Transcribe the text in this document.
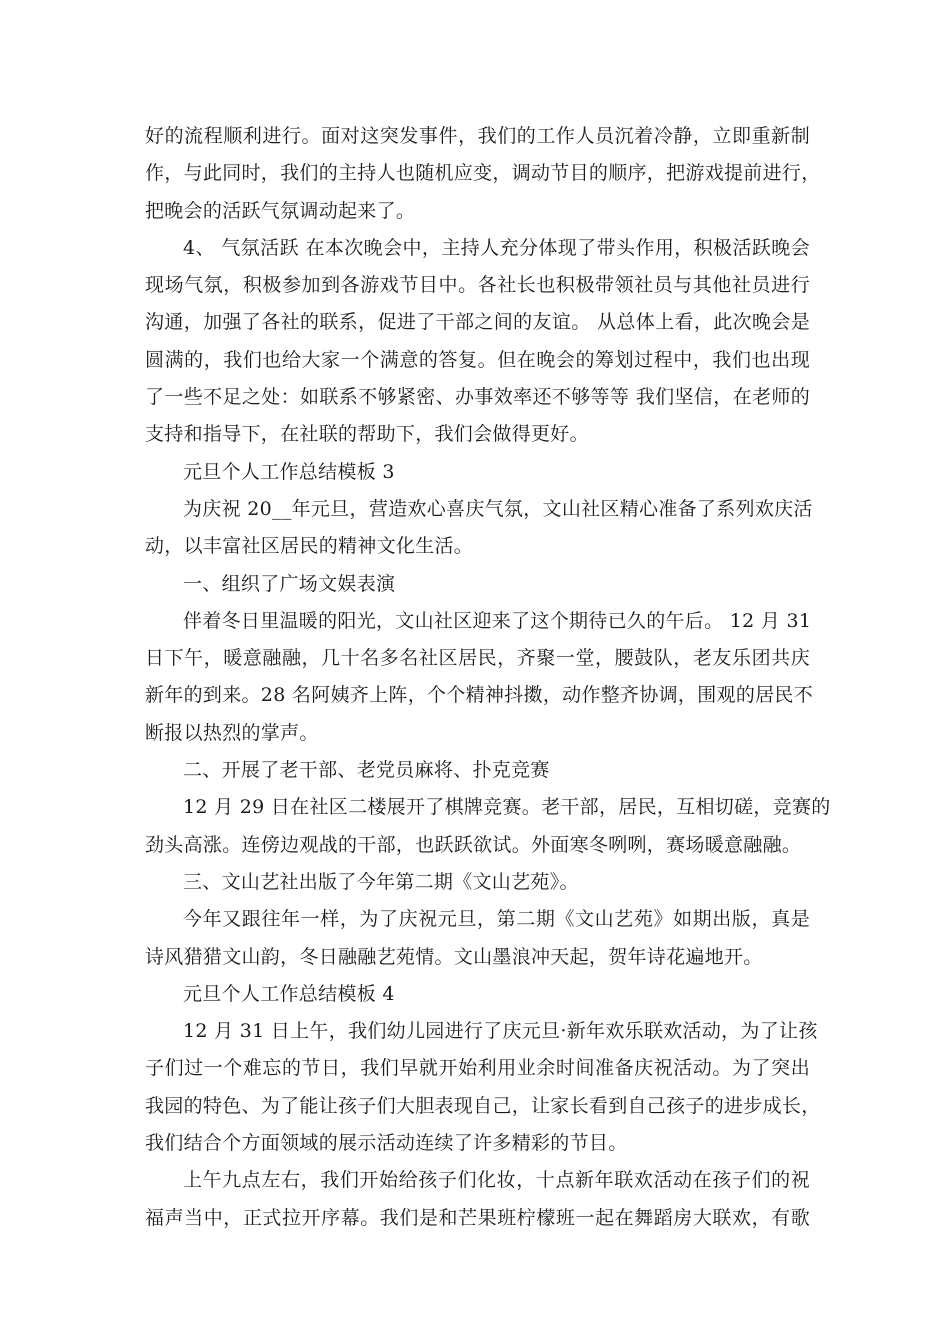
好的流程顺利进行。面对这突发事件，我们的工作人员沉着冷静，立即重新制
作，与此同时，我们的主持人也随机应变，调动节目的顺序，把游戏提前进行，
把晚会的活跃气氛调动起来了。
4、 气氛活跃 在本次晚会中，主持人充分体现了带头作用，积极活跃晚会
现场气氛，积极参加到各游戏节目中。各社长也积极带领社员与其他社员进行
沟通，加强了各社的联系，促进了干部之间的友谊。 从总体上看，此次晚会是
圆满的，我们也给大家一个满意的答复。但在晚会的筹划过程中，我们也出现
了一些不足之处：如联系不够紧密、办事效率还不够等等 我们坚信，在老师的
支持和指导下，在社联的帮助下，我们会做得更好。
元旦个人工作总结模板 3
为庆祝 20__年元旦，营造欢心喜庆气氛，文山社区精心准备了系列欢庆活
动，以丰富社区居民的精神文化生活。
一、组织了广场文娱表演
伴着冬日里温暖的阳光，文山社区迎来了这个期待已久的午后。 12 月 31
日下午，暖意融融，几十名多名社区居民，齐聚一堂，腰鼓队，老友乐团共庆
新年的到来。28 名阿姨齐上阵，个个精神抖擞，动作整齐协调，围观的居民不
断报以热烈的掌声。
二、开展了老干部、老党员麻将、扑克竞赛
12 月 29 日在社区二楼展开了棋牌竞赛。老干部，居民，互相切磋，竞赛的
劲头高涨。连傍边观战的干部，也跃跃欲试。外面寒冬咧咧，赛场暖意融融。
三、文山艺社出版了今年第二期《文山艺苑》。
今年又跟往年一样，为了庆祝元旦，第二期《文山艺苑》如期出版，真是
诗风猎猎文山韵，冬日融融艺苑情。文山墨浪冲天起，贺年诗花遍地开。
元旦个人工作总结模板 4
12 月 31 日上午，我们幼儿园进行了庆元旦·新年欢乐联欢活动，为了让孩
子们过一个难忘的节日，我们早就开始利用业余时间准备庆祝活动。为了突出
我园的特色、为了能让孩子们大胆表现自己，让家长看到自己孩子的进步成长，
我们结合个方面领域的展示活动连续了许多精彩的节目。
上午九点左右，我们开始给孩子们化妆，十点新年联欢活动在孩子们的祝
福声当中，正式拉开序幕。我们是和芒果班柠檬班一起在舞蹈房大联欢，有歌
